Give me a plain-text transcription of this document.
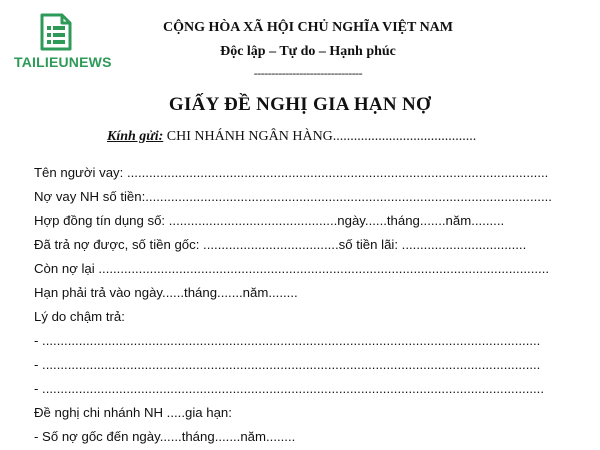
TAILIEUNEWS
CỘNG HÒA XÃ HỘI CHỦ NGHĨA VIỆT NAM
Độc lập – Tự do – Hạnh phúc
-------------------------------
GIẤY ĐỀ NGHỊ GIA HẠN NỢ
Kính gửi: CHI NHÁNH NGÂN HÀNG.........................................
Tên người vay: ...................................................................................................................
Nợ vay NH số tiền:...............................................................................................................
Hợp đồng tín dụng số: ..............................................ngày......tháng.......năm.........
Đã trả nợ được, số tiền gốc: .....................................số tiền lãi: ..................................
Còn nợ lại ...........................................................................................................................
Hạn phải trả vào ngày......tháng.......năm........
Lý do chậm trả:
- ........................................................................................................................................
- ........................................................................................................................................
- .........................................................................................................................................
Đề nghị chi nhánh NH .....gia hạn:
- Số nợ gốc đến ngày......tháng.......năm........
